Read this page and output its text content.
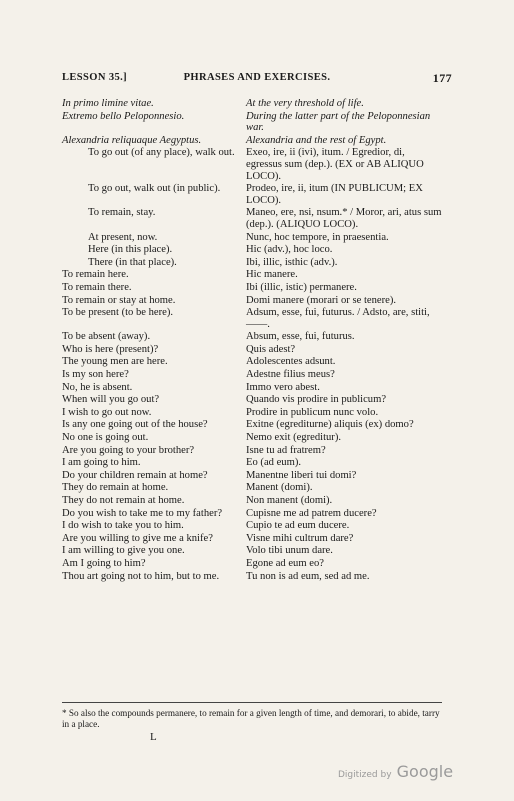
LESSON 35.]	PHRASES AND EXERCISES.	177
In primo limine vitae.	At the very threshold of life.
Extremo bello Peloponnesio.	During the latter part of the Peloponnesian war.
Alexandria reliquaque Aegyptus.	Alexandria and the rest of Egypt.
To go out (of any place), walk out.	Exeo, ire, ii (ivi), itum. / Egredior, di, egressus sum (dep.). (EX or AB ALIQUO LOCO).
To go out, walk out (in public).	Prodeo, ire, ii, itum (IN PUBLICUM; EX LOCO).
To remain, stay.	Maneo, ere, nsi, nsum.* / Moror, ari, atus sum (dep.). (ALIQUO LOCO).
At present, now.	Nunc, hoc tempore, in praesentia.
Here (in this place).	Hic (adv.), hoc loco.
There (in that place).	Ibi, illic, isthic (adv.).
To remain here.	Hic manere.
To remain there.	Ibi (illic, istic) permanere.
To remain or stay at home.	Domi manere (morari or se tenere).
To be present (to be here).	Adsum, esse, fui, futurus. / Adsto, are, stiti, ——.
To be absent (away).	Absum, esse, fui, futurus.
Who is here (present)?	Quis adest?
The young men are here.	Adolescentes adsunt.
Is my son here?	Adestne filius meus?
No, he is absent.	Immo vero abest.
When will you go out?	Quando vis prodire in publicum?
I wish to go out now.	Prodire in publicum nunc volo.
Is any one going out of the house?	Exitne (egrediturne) aliquis (ex) domo?
No one is going out.	Nemo exit (egreditur).
Are you going to your brother?	Isne tu ad fratrem?
I am going to him.	Eo (ad eum).
Do your children remain at home?	Manentne liberi tui domi?
They do remain at home.	Manent (domi).
They do not remain at home.	Non manent (domi).
Do you wish to take me to my father?	Cupisne me ad patrem ducere?
I do wish to take you to him.	Cupio te ad eum ducere.
Are you willing to give me a knife?	Visne mihi cultrum dare?
I am willing to give you one.	Volo tibi unum dare.
Am I going to him?	Egone ad eum eo?
Thou art going not to him, but to me.	Tu non is ad eum, sed ad me.
* So also the compounds permanere, to remain for a given length of time, and demorari, to abide, tarry in a place.
L
Digitized by Google
